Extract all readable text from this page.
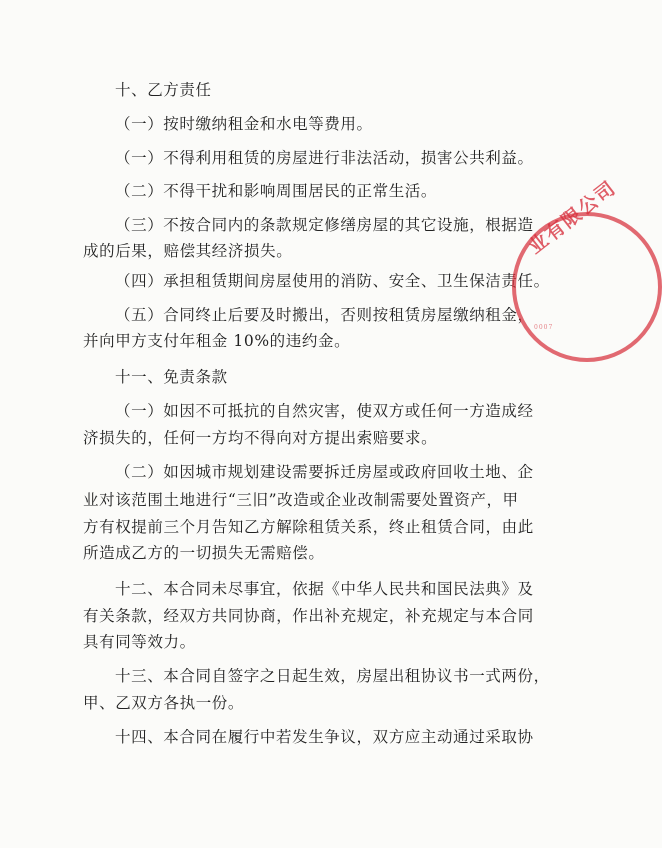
十、乙方责任
（一）按时缴纳租金和水电等费用。
（一）不得利用租赁的房屋进行非法活动，损害公共利益。
（二）不得干扰和影响周围居民的正常生活。
（三）不按合同内的条款规定修缮房屋的其它设施，根据造
成的后果，赔偿其经济损失。
（四）承担租赁期间房屋使用的消防、安全、卫生保洁责任。
（五）合同终止后要及时搬出，否则按租赁房屋缴纳租金，
并向甲方支付年租金 10%的违约金。
十一、免责条款
（一）如因不可抵抗的自然灾害，使双方或任何一方造成经
济损失的，任何一方均不得向对方提出索赔要求。
（二）如因城市规划建设需要拆迁房屋或政府回收土地、企
业对该范围土地进行“三旧”改造或企业改制需要处置资产，甲
方有权提前三个月告知乙方解除租赁关系，终止租赁合同，由此
所造成乙方的一切损失无需赔偿。
十二、本合同未尽事宜，依据《中华人民共和国民法典》及
有关条款，经双方共同协商，作出补充规定，补充规定与本合同
具有同等效力。
十三、本合同自签字之日起生效，房屋出租协议书一式两份，
甲、乙双方各执一份。
十四、本合同在履行中若发生争议，双方应主动通过采取协
业有限公司
0007
